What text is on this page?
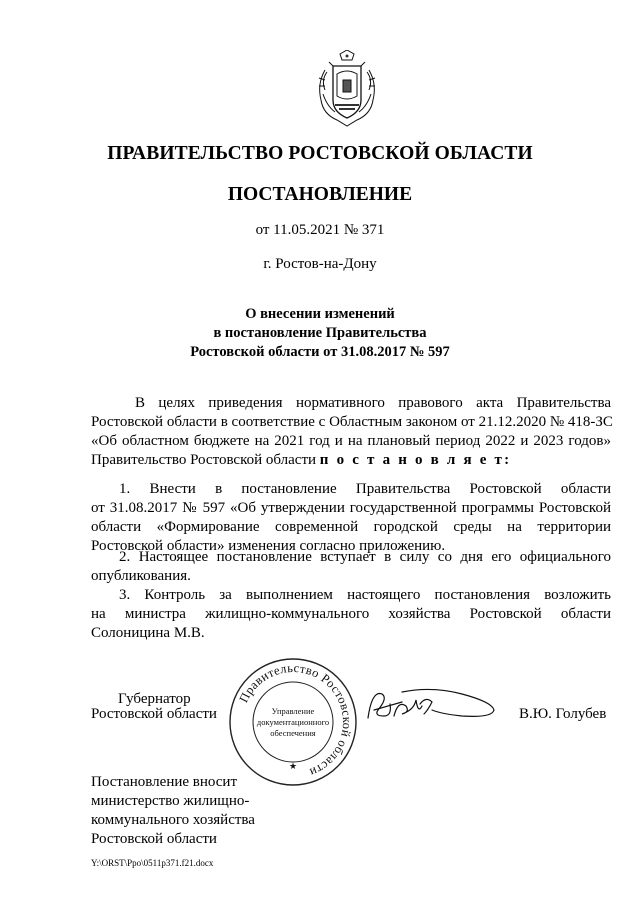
ПРАВИТЕЛЬСТВО РОСТОВСКОЙ ОБЛАСТИ
ПОСТАНОВЛЕНИЕ
от 11.05.2021 № 371
г. Ростов-на-Дону
О внесении изменений
в постановление Правительства
Ростовской области от 31.08.2017 № 597
В целях приведения нормативного правового акта Правительства
Ростовской области в соответствие с Областным законом от 21.12.2020 № 418-ЗС
«Об областном бюджете на 2021 год и на плановый период 2022 и 2023 годов»
Правительство Ростовской области п о с т а н о в л я е т:
1. Внести в постановление Правительства Ростовской области
от 31.08.2017 № 597 «Об утверждении государственной программы Ростовской
области «Формирование современной городской среды на территории
Ростовской области» изменения согласно приложению.
2. Настоящее постановление вступает в силу со дня его официального
опубликования.
3. Контроль за выполнением настоящего постановления возложить
на министра жилищно-коммунального хозяйства Ростовской области
Солоницина М.В.
Губернатор
Ростовской области
Правительство Ростовской области
★
Управление
документационного
обеспечения
В.Ю. Голубев
Постановление вносит
министерство жилищно-
коммунального хозяйства
Ростовской области
Y:\ORST\Ppo\0511p371.f21.docx
